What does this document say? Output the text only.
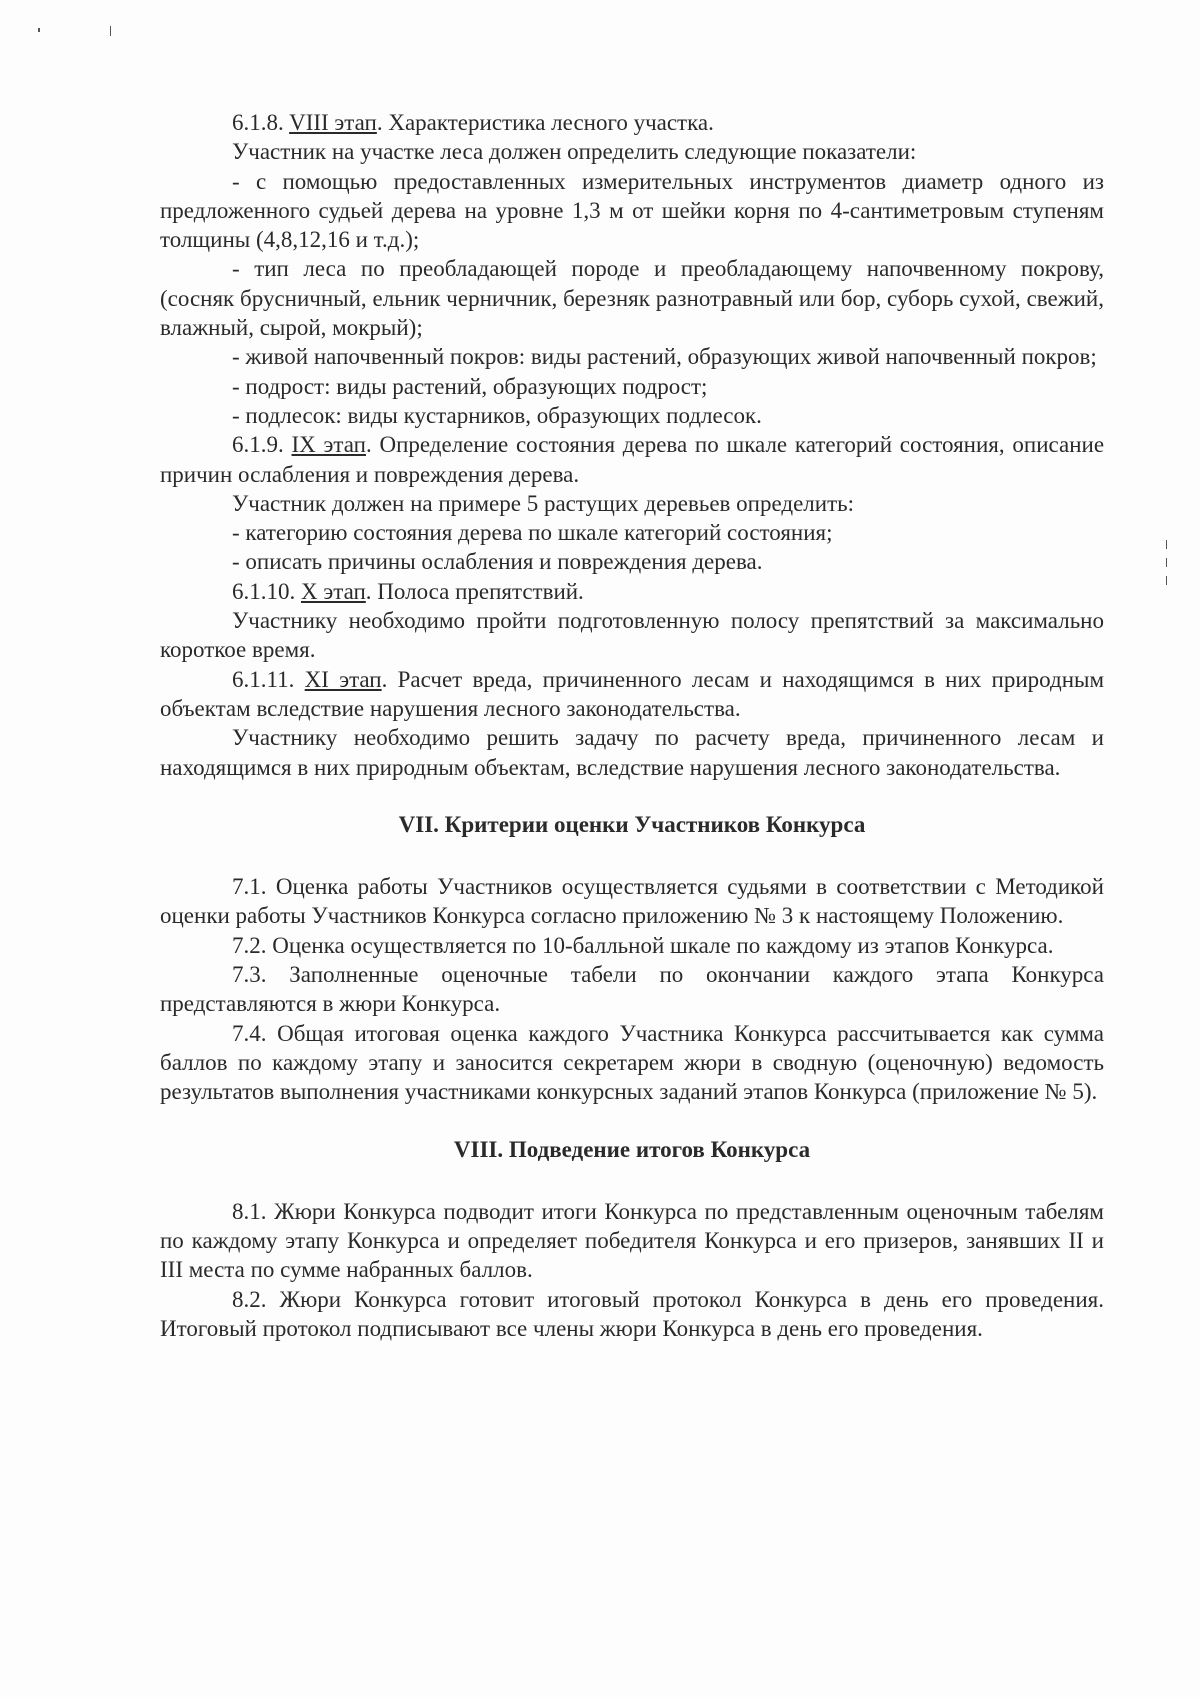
6.1.8. VIII этап. Характеристика лесного участка.

Участник на участке леса должен определить следующие показатели:

- с помощью предоставленных измерительных инструментов диаметр одного из предложенного судьей дерева на уровне 1,3 м от шейки корня по 4-сантиметровым ступеням толщины (4,8,12,16 и т.д.);

- тип леса по преобладающей породе и преобладающему напочвенному покрову, (сосняк брусничный, ельник черничник, березняк разнотравный или бор, суборь сухой, свежий, влажный, сырой, мокрый);

- живой напочвенный покров: виды растений, образующих живой напочвенный покров;

- подрост: виды растений, образующих подрост;

- подлесок: виды кустарников, образующих подлесок.

6.1.9. IX этап. Определение состояния дерева по шкале категорий состояния, описание причин ослабления и повреждения дерева.

Участник должен на примере 5 растущих деревьев определить:

- категорию состояния дерева по шкале категорий состояния;

- описать причины ослабления и повреждения дерева.

6.1.10. X этап. Полоса препятствий.

Участнику необходимо пройти подготовленную полосу препятствий за максимально короткое время.

6.1.11. XI этап. Расчет вреда, причиненного лесам и находящимся в них природным объектам вследствие нарушения лесного законодательства.

Участнику необходимо решить задачу по расчету вреда, причиненного лесам и находящимся в них природным объектам, вследствие нарушения лесного законодательства.

VII. Критерии оценки Участников Конкурса

7.1. Оценка работы Участников осуществляется судьями в соответствии с Методикой оценки работы Участников Конкурса согласно приложению № 3 к настоящему Положению.

7.2. Оценка осуществляется по 10-балльной шкале по каждому из этапов Конкурса.

7.3. Заполненные оценочные табели по окончании каждого этапа Конкурса представляются в жюри Конкурса.

7.4. Общая итоговая оценка каждого Участника Конкурса рассчитывается как сумма баллов по каждому этапу и заносится секретарем жюри в сводную (оценочную) ведомость результатов выполнения участниками конкурсных заданий этапов Конкурса (приложение № 5).

VIII. Подведение итогов Конкурса

8.1. Жюри Конкурса подводит итоги Конкурса по представленным оценочным табелям по каждому этапу Конкурса и определяет победителя Конкурса и его призеров, занявших II и III места по сумме набранных баллов.

8.2. Жюри Конкурса готовит итоговый протокол Конкурса в день его проведения. Итоговый протокол подписывают все члены жюри Конкурса в день его проведения.
